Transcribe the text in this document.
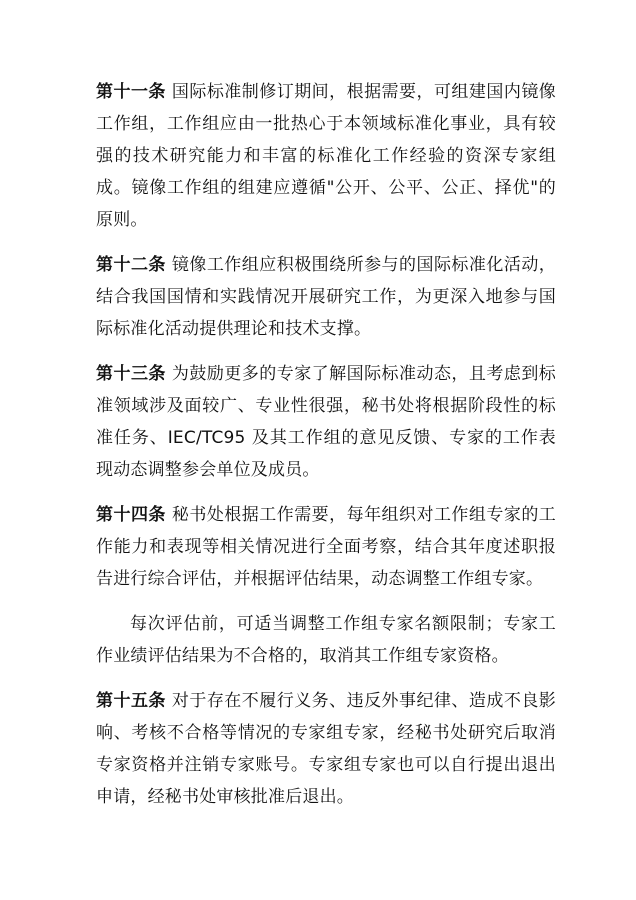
第十一条 国际标准制修订期间，根据需要，可组建国内镜像工作组，工作组应由一批热心于本领域标准化事业，具有较强的技术研究能力和丰富的标准化工作经验的资深专家组成。镜像工作组的组建应遵循"公开、公平、公正、择优"的原则。

第十二条 镜像工作组应积极围绕所参与的国际标准化活动，结合我国国情和实践情况开展研究工作，为更深入地参与国际标准化活动提供理论和技术支撑。

第十三条 为鼓励更多的专家了解国际标准动态，且考虑到标准领域涉及面较广、专业性很强，秘书处将根据阶段性的标准任务、IEC/TC95 及其工作组的意见反馈、专家的工作表现动态调整参会单位及成员。

第十四条 秘书处根据工作需要，每年组织对工作组专家的工作能力和表现等相关情况进行全面考察，结合其年度述职报告进行综合评估，并根据评估结果，动态调整工作组专家。

每次评估前，可适当调整工作组专家名额限制；专家工作业绩评估结果为不合格的，取消其工作组专家资格。

第十五条 对于存在不履行义务、违反外事纪律、造成不良影响、考核不合格等情况的专家组专家，经秘书处研究后取消专家资格并注销专家账号。专家组专家也可以自行提出退出申请，经秘书处审核批准后退出。
